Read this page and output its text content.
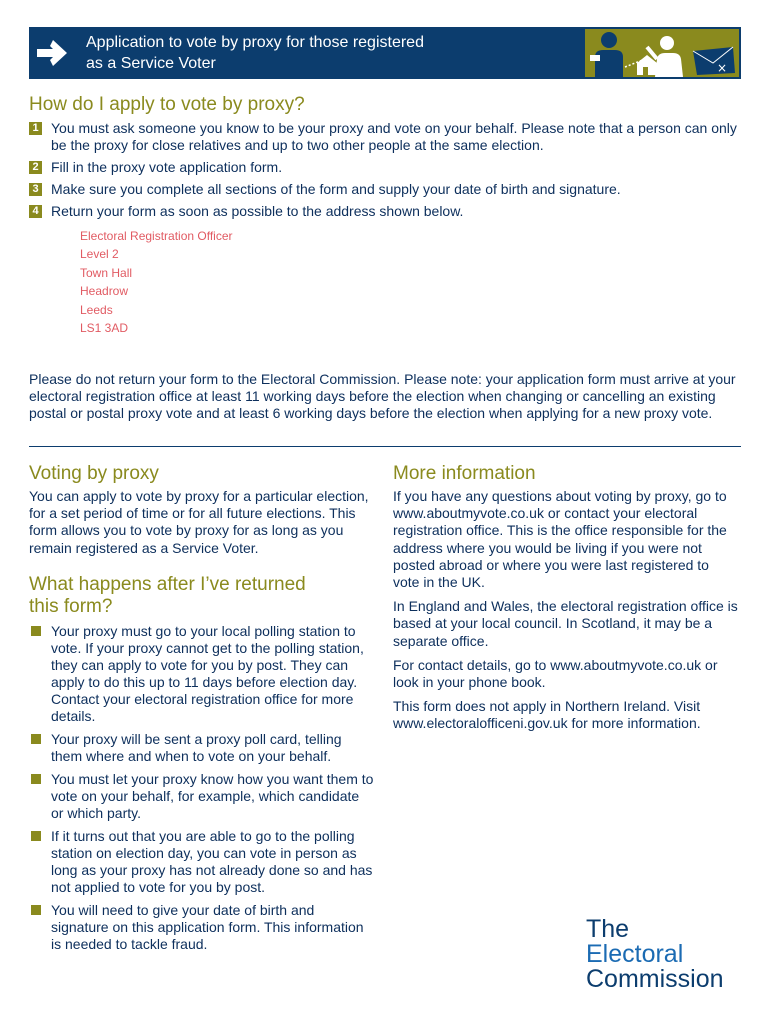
Application to vote by proxy for those registered
as a Service Voter	×
How do I apply to vote by proxy?
1 You must ask someone you know to be your proxy and vote on your behalf. Please note that a person can only be the proxy for close relatives and up to two other people at the same election.
2 Fill in the proxy vote application form.
3 Make sure you complete all sections of the form and supply your date of birth and signature.
4 Return your form as soon as possible to the address shown below.
Electoral Registration Officer
Level 2
Town Hall
Headrow
Leeds
LS1 3AD

Please do not return your form to the Electoral Commission. Please note: your application form must arrive at your electoral registration office at least 11 working days before the election when changing or cancelling an existing postal or postal proxy vote and at least 6 working days before the election when applying for a new proxy vote.

Voting by proxy

You can apply to vote by proxy for a particular election, for a set period of time or for all future elections. This form allows you to vote by proxy for as long as you remain registered as a Service Voter.

What happens after I’ve returned
this form?
Your proxy must go to your local polling station to vote. If your proxy cannot get to the polling station, they can apply to vote for you by post. They can apply to do this up to 11 days before election day. Contact your electoral registration office for more details.
Your proxy will be sent a proxy poll card, telling them where and when to vote on your behalf.
You must let your proxy know how you want them to vote on your behalf, for example, which candidate or which party.
If it turns out that you are able to go to the polling station on election day, you can vote in person as long as your proxy has not already done so and has not applied to vote for you by post.
You will need to give your date of birth and signature on this application form. This information is needed to tackle fraud.
More information

If you have any questions about voting by proxy, go to www.aboutmyvote.co.uk or contact your electoral registration office. This is the office responsible for the address where you would be living if you were not posted abroad or where you were last registered to vote in the UK.

In England and Wales, the electoral registration office is based at your local council. In Scotland, it may be a separate office.

For contact details, go to www.aboutmyvote.co.uk or look in your phone book.

This form does not apply in Northern Ireland. Visit www.electoralofficeni.gov.uk for more information.

The
Electoral
Commission
